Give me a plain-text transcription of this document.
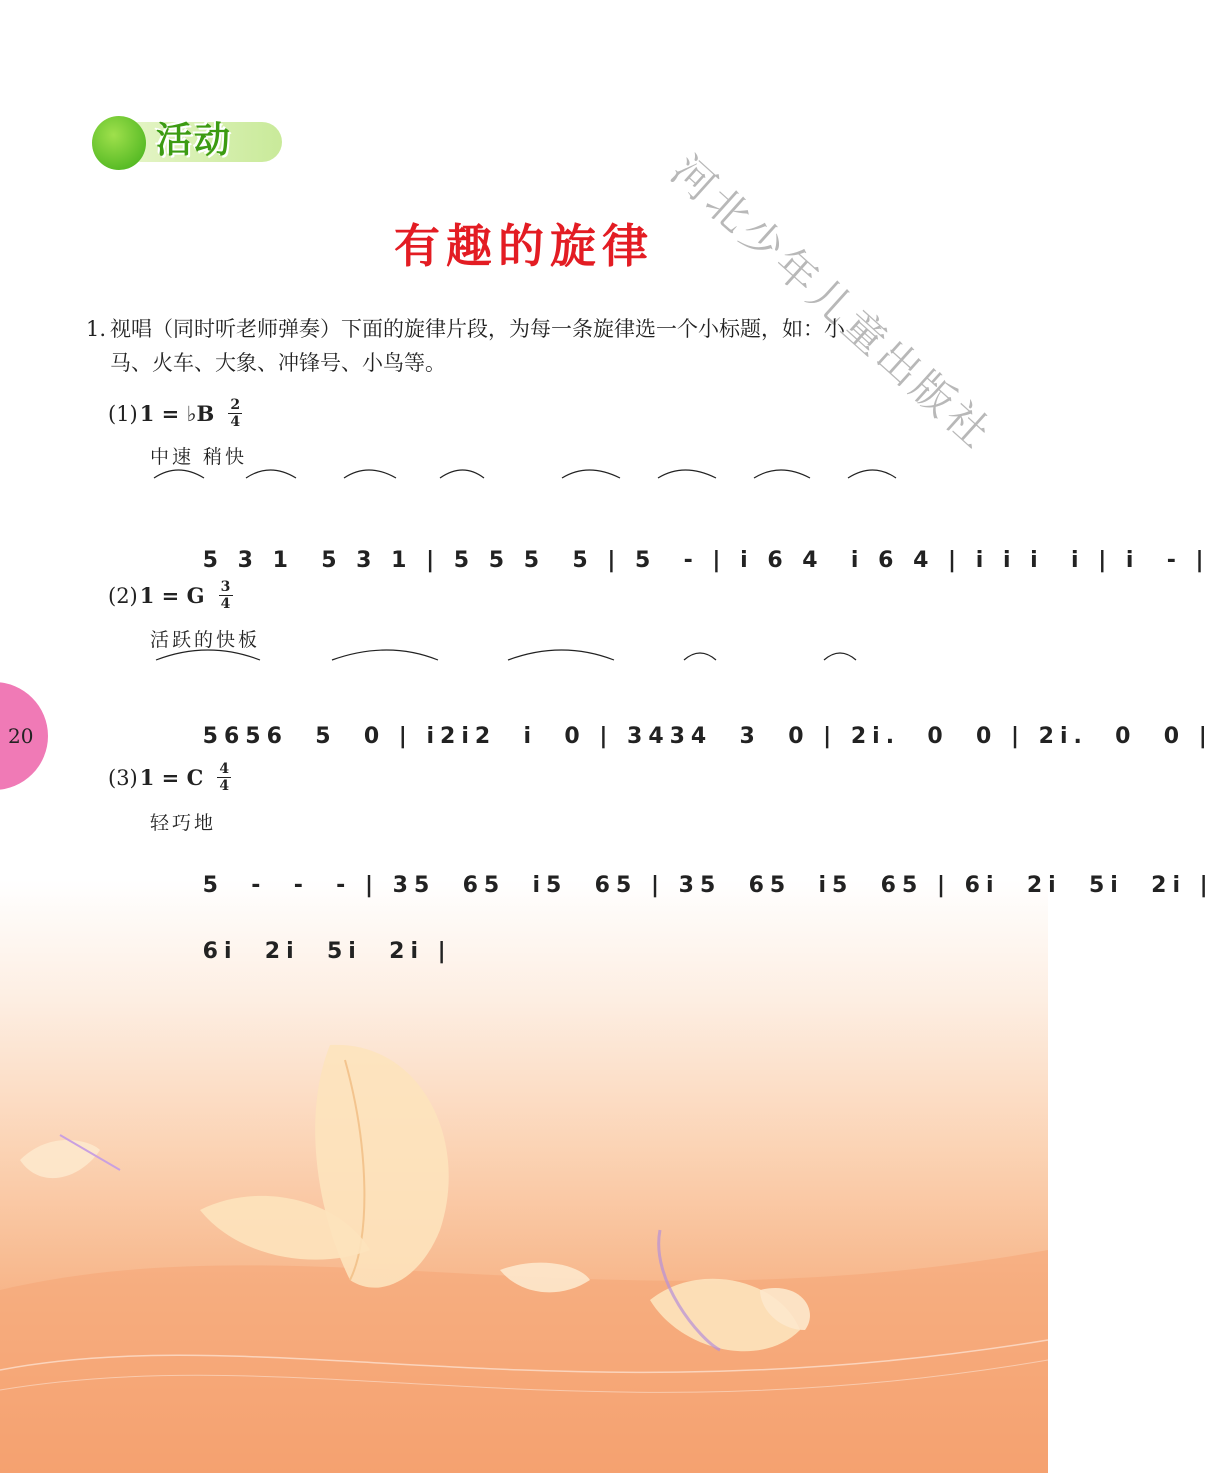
河北少年儿童出版社
活动
有趣的旋律
1. 视唱（同时听老师弹奏）下面的旋律片段，为每一条旋律选一个小标题，如：小
马、火车、大象、冲锋号、小鸟等。
(1) 1 = ♭B 2
4
中速 稍快

5 3 1  5 3 1 | 5 5 5  5 | 5  - | i 6 4  i 6 4 | i i i  i | i  - |

(2) 1 = G 3
4
活跃的快板

5656  5  0 | i2i2  i  0 | 3434  3  0 | 2i.  0  0 | 2i.  0  0 |

(3) 1 = C 4
4
轻巧地

5  -  -  - | 35  65  i5  65 | 35  65  i5  65 | 6i  2i  5i  2i |

6i  2i  5i  2i |

20
